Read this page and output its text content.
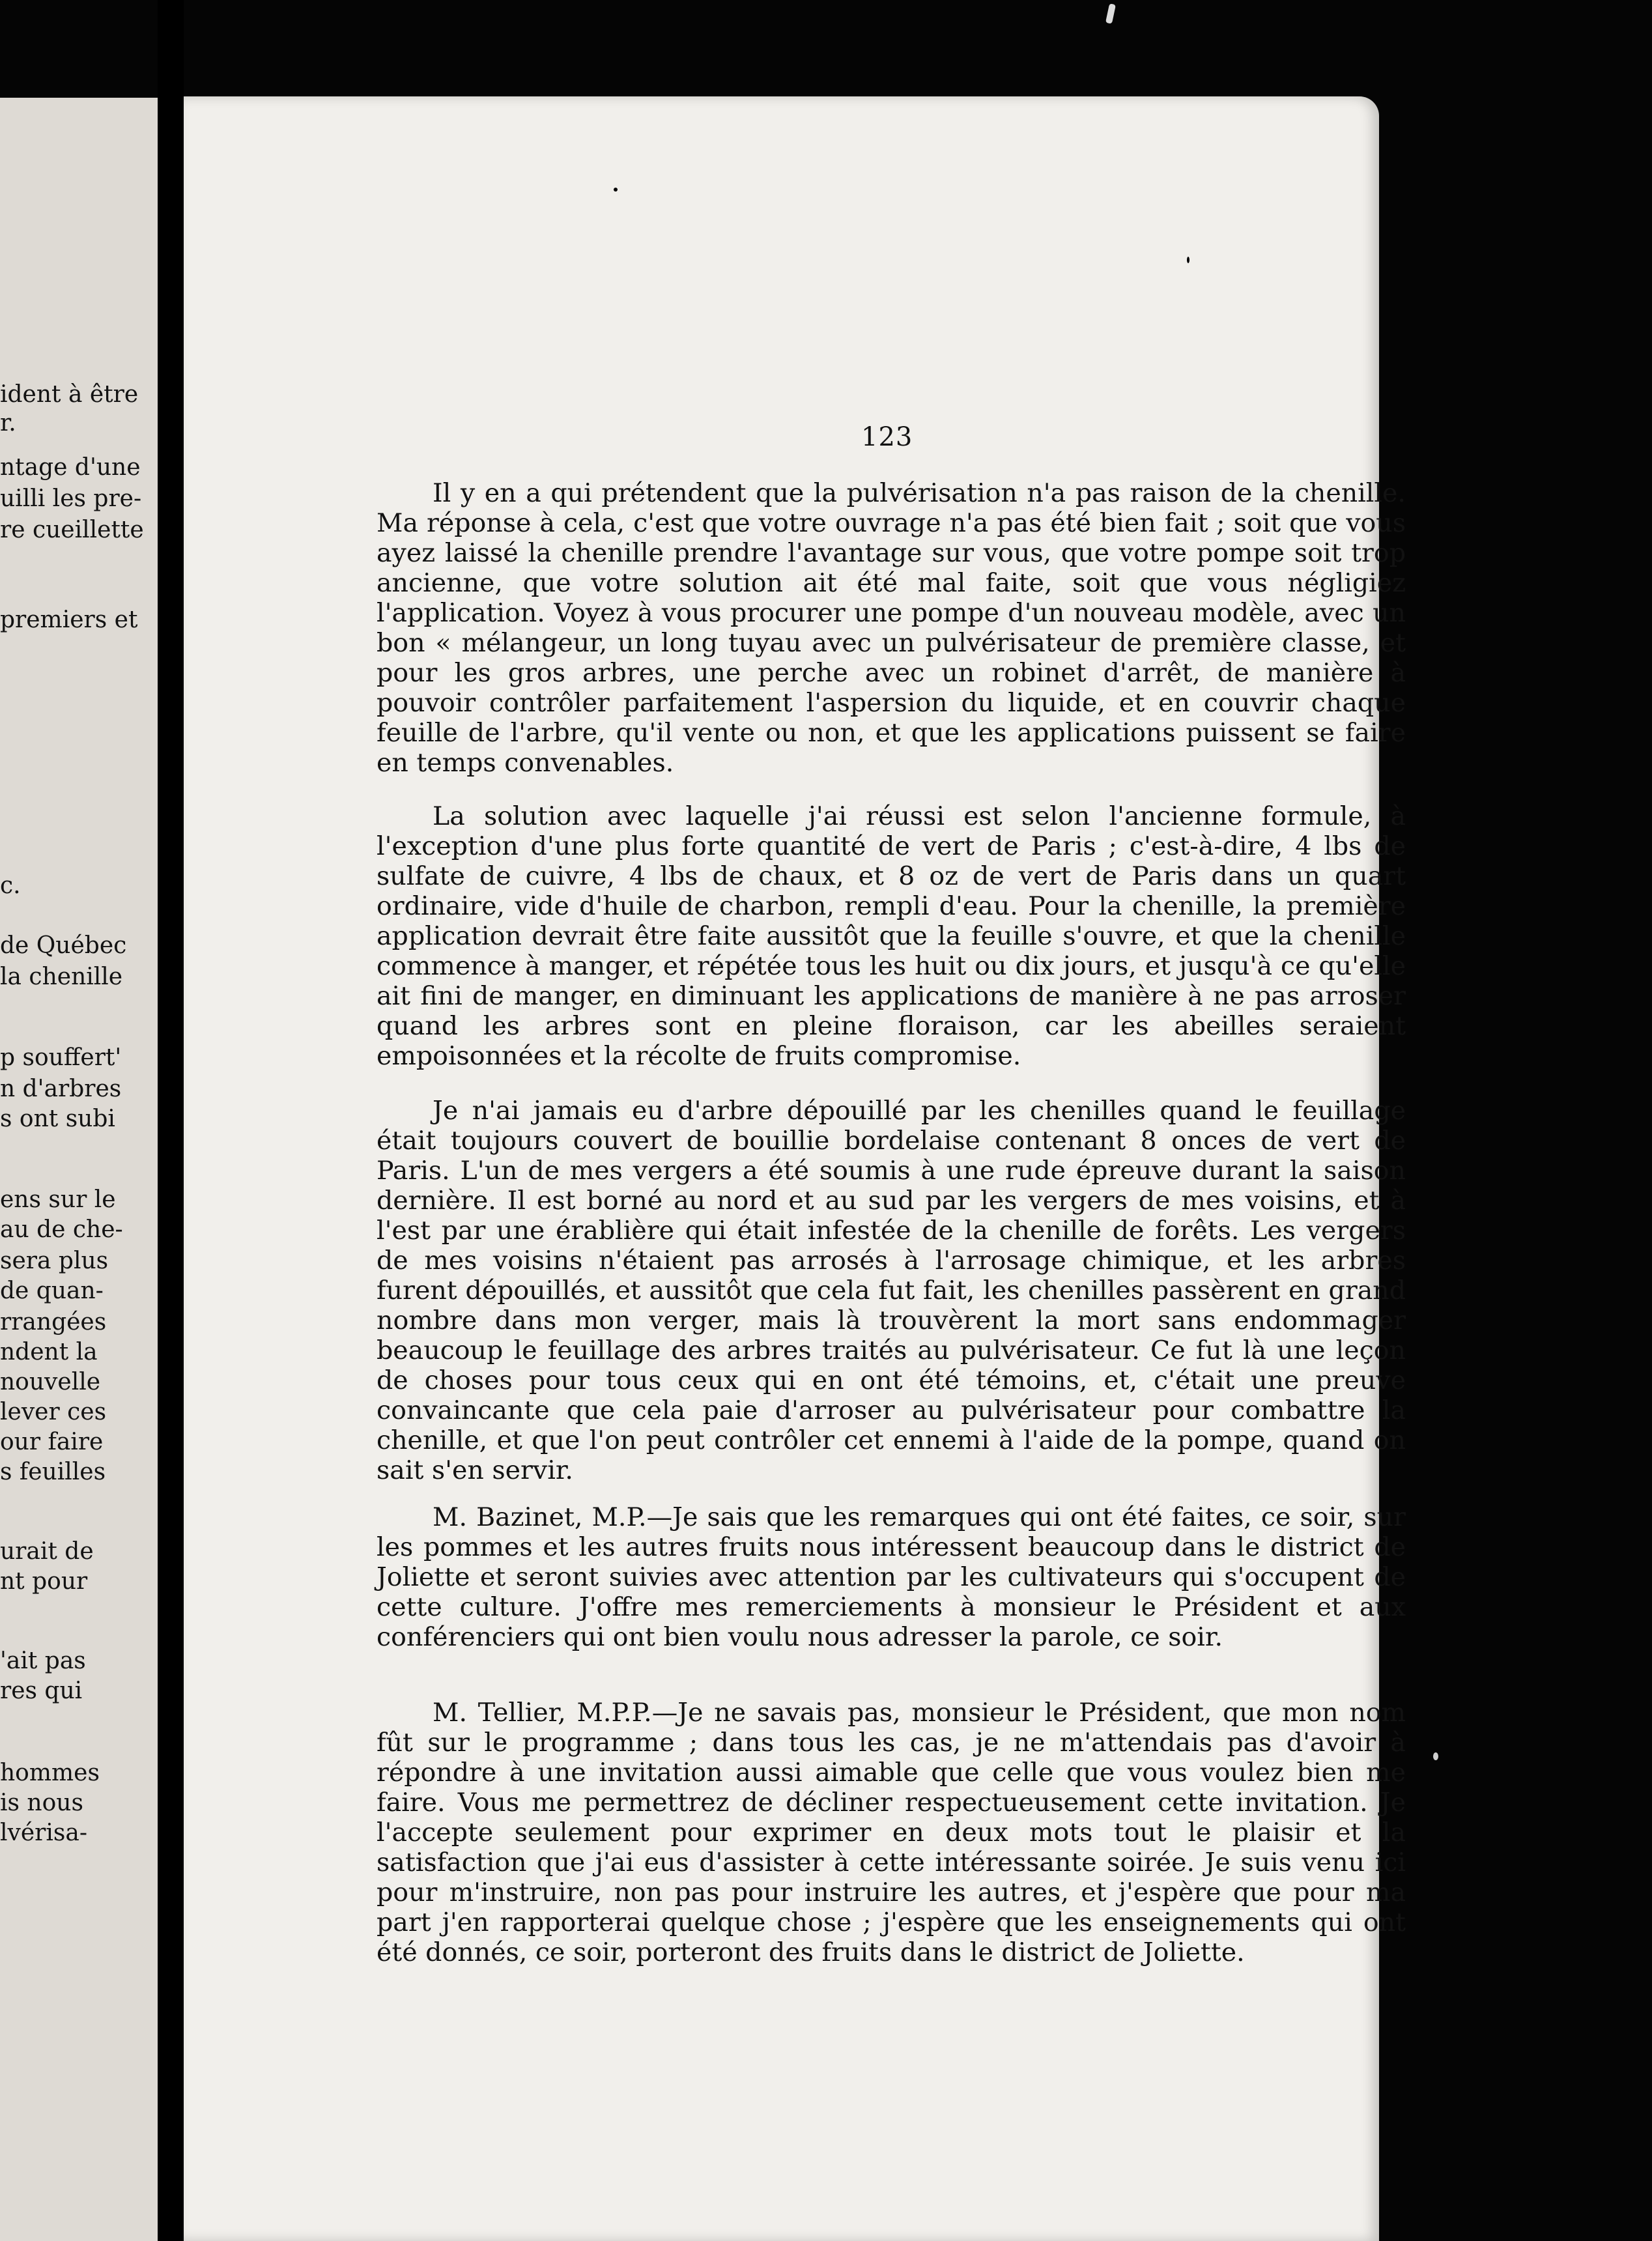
ident à être
r.
ntage d'une
uilli les pre-
re cueillette
premiers et
c.
de Québec
la chenille
p souffert'
n d'arbres
s ont subi
ens sur le
au de che-
sera plus
de quan-
rrangées
ndent la
nouvelle
lever ces
our faire
s feuilles
urait de
nt pour
'ait pas
res qui
hommes
is nous
lvérisa-
123

Il y en a qui prétendent que la pulvérisation n'a pas raison de la chenille. Ma réponse à cela, c'est que votre ouvrage n'a pas été bien fait ; soit que vous ayez laissé la chenille prendre l'avantage sur vous, que votre pompe soit trop ancienne, que votre solution ait été mal faite, soit que vous négligiez l'application. Voyez à vous procurer une pompe d'un nouveau modèle, avec un bon « mélangeur, un long tuyau avec un pulvérisateur de première classe, et pour les gros arbres, une perche avec un robinet d'arrêt, de manière à pouvoir contrôler parfaitement l'aspersion du liquide, et en couvrir chaque feuille de l'arbre, qu'il vente ou non, et que les applications puissent se faire en temps convenables.

La solution avec laquelle j'ai réussi est selon l'ancienne formule, à l'exception d'une plus forte quantité de vert de Paris ; c'est-à-dire, 4 lbs de sulfate de cuivre, 4 lbs de chaux, et 8 oz de vert de Paris dans un quart ordinaire, vide d'huile de charbon, rempli d'eau. Pour la chenille, la première application devrait être faite aussitôt que la feuille s'ouvre, et que la chenille commence à manger, et répétée tous les huit ou dix jours, et jusqu'à ce qu'elle ait fini de manger, en diminuant les applications de manière à ne pas arroser quand les arbres sont en pleine floraison, car les abeilles seraient empoisonnées et la récolte de fruits compromise.

Je n'ai jamais eu d'arbre dépouillé par les chenilles quand le feuillage était toujours couvert de bouillie bordelaise contenant 8 onces de vert de Paris. L'un de mes vergers a été soumis à une rude épreuve durant la saison dernière. Il est borné au nord et au sud par les vergers de mes voisins, et à l'est par une érablière qui était infestée de la chenille de forêts. Les vergers de mes voisins n'étaient pas arrosés à l'arrosage chimique, et les arbres furent dépouillés, et aussitôt que cela fut fait, les chenilles passèrent en grand nombre dans mon verger, mais là trouvèrent la mort sans endommager beaucoup le feuillage des arbres traités au pulvérisateur. Ce fut là une leçon de choses pour tous ceux qui en ont été témoins, et, c'était une preuve convaincante que cela paie d'arroser au pulvérisateur pour combattre la chenille, et que l'on peut contrôler cet ennemi à l'aide de la pompe, quand on sait s'en servir.

M. Bazinet, M.P.—Je sais que les remarques qui ont été faites, ce soir, sur les pommes et les autres fruits nous intéressent beaucoup dans le district de Joliette et seront suivies avec attention par les cultivateurs qui s'occupent de cette culture. J'offre mes remerciements à monsieur le Président et aux conférenciers qui ont bien voulu nous adresser la parole, ce soir.

M. Tellier, M.P.P.—Je ne savais pas, monsieur le Président, que mon nom fût sur le programme ; dans tous les cas, je ne m'attendais pas d'avoir à répondre à une invitation aussi aimable que celle que vous voulez bien me faire. Vous me permettrez de décliner respectueusement cette invitation. Je l'accepte seulement pour exprimer en deux mots tout le plaisir et la satisfaction que j'ai eus d'assister à cette intéressante soirée. Je suis venu ici pour m'instruire, non pas pour instruire les autres, et j'espère que pour ma part j'en rapporterai quelque chose ; j'espère que les enseignements qui ont été donnés, ce soir, porteront des fruits dans le district de Joliette.
